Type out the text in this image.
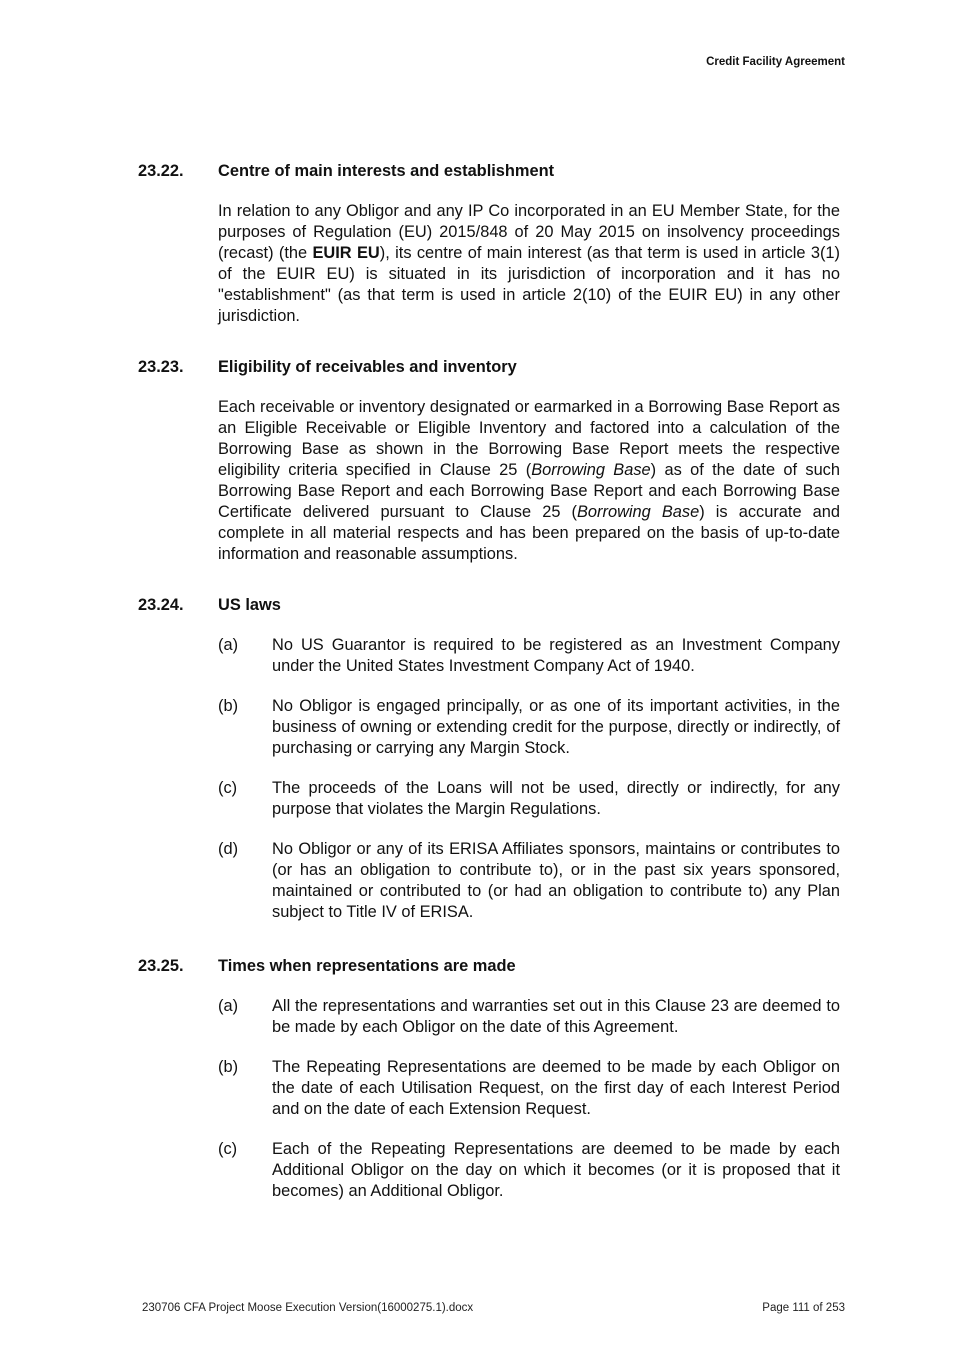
Credit Facility Agreement
23.22. Centre of main interests and establishment

In relation to any Obligor and any IP Co incorporated in an EU Member State, for the purposes of Regulation (EU) 2015/848 of 20 May 2015 on insolvency proceedings (recast) (the EUIR EU), its centre of main interest (as that term is used in article 3(1) of the EUIR EU) is situated in its jurisdiction of incorporation and it has no "establishment" (as that term is used in article 2(10) of the EUIR EU) in any other jurisdiction.

23.23. Eligibility of receivables and inventory

Each receivable or inventory designated or earmarked in a Borrowing Base Report as an Eligible Receivable or Eligible Inventory and factored into a calculation of the Borrowing Base as shown in the Borrowing Base Report meets the respective eligibility criteria specified in Clause 25 (Borrowing Base) as of the date of such Borrowing Base Report and each Borrowing Base Report and each Borrowing Base Certificate delivered pursuant to Clause 25 (Borrowing Base) is accurate and complete in all material respects and has been prepared on the basis of up-to-date information and reasonable assumptions.

23.24. US laws
(a) No US Guarantor is required to be registered as an Investment Company under the United States Investment Company Act of 1940.
(b) No Obligor is engaged principally, or as one of its important activities, in the business of owning or extending credit for the purpose, directly or indirectly, of purchasing or carrying any Margin Stock.
(c) The proceeds of the Loans will not be used, directly or indirectly, for any purpose that violates the Margin Regulations.
(d) No Obligor or any of its ERISA Affiliates sponsors, maintains or contributes to (or has an obligation to contribute to), or in the past six years sponsored, maintained or contributed to (or had an obligation to contribute to) any Plan subject to Title IV of ERISA.
23.25. Times when representations are made
(a) All the representations and warranties set out in this Clause 23 are deemed to be made by each Obligor on the date of this Agreement.
(b) The Repeating Representations are deemed to be made by each Obligor on the date of each Utilisation Request, on the first day of each Interest Period and on the date of each Extension Request.
(c) Each of the Repeating Representations are deemed to be made by each Additional Obligor on the day on which it becomes (or it is proposed that it becomes) an Additional Obligor.
230706 CFA Project Moose Execution Version(16000275.1).docx	Page 111 of 253
